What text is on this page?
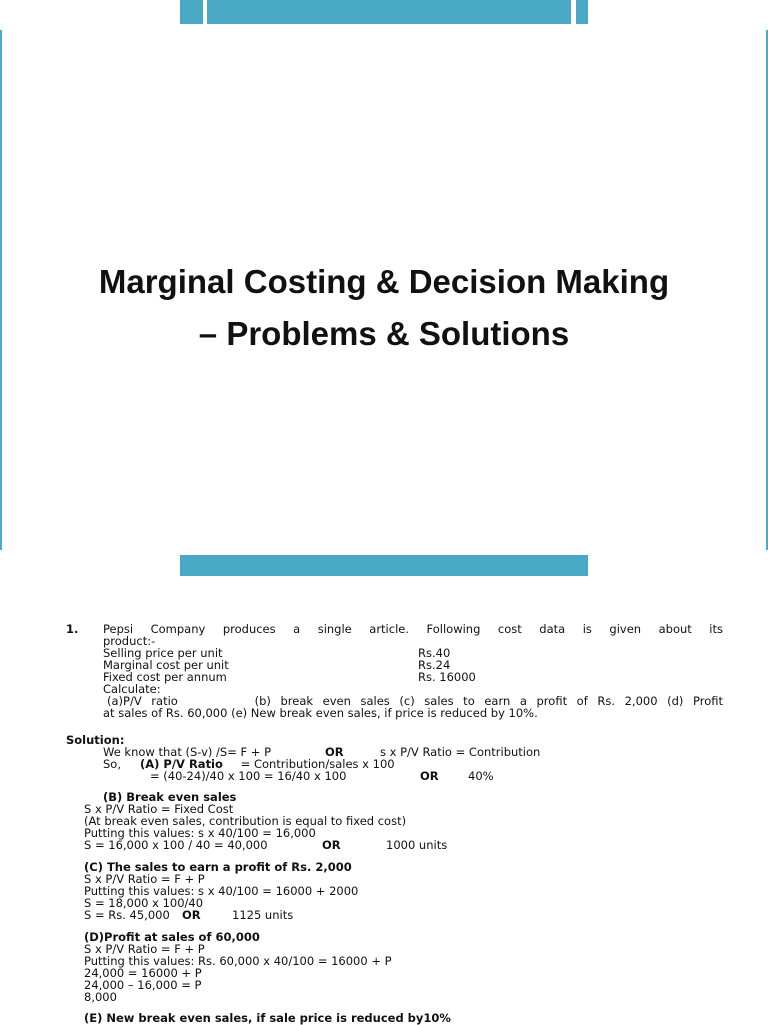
Marginal Costing & Decision Making
– Problems & Solutions
1. Pepsi Company produces a single article. Following cost data is given about its
product:-
Selling price per unit	Rs.40
Marginal cost per unit	Rs.24
Fixed cost per annum	Rs. 16000
Calculate:
(a)P/V ratio        (b) break even sales (c) sales to earn a profit of Rs. 2,000 (d) Profit
at sales of Rs. 60,000 (e) New break even sales, if price is reduced by 10%.
Solution:
We know that (S-v) /S= F + P	OR	s x P/V Ratio = Contribution
So, (A) P/V Ratio = Contribution/sales x 100
= (40-24)/40 x 100 = 16/40 x 100	OR	40%
(B) Break even sales
S x P/V Ratio = Fixed Cost
(At break even sales, contribution is equal to fixed cost)
Putting this values: s x 40/100 = 16,000
S = 16,000 x 100 / 40 = 40,000	OR	1000 units
(C) The sales to earn a profit of Rs. 2,000
S x P/V Ratio = F + P
Putting this values: s x 40/100 = 16000 + 2000
S = 18,000 x 100/40
S = Rs. 45,000 OR	1125 units
(D)Profit at sales of 60,000
S x P/V Ratio = F + P
Putting this values: Rs. 60,000 x 40/100 = 16000 + P
24,000 = 16000 + P
24,000 – 16,000 = P
8,000
(E) New break even sales, if sale price is reduced by10%
